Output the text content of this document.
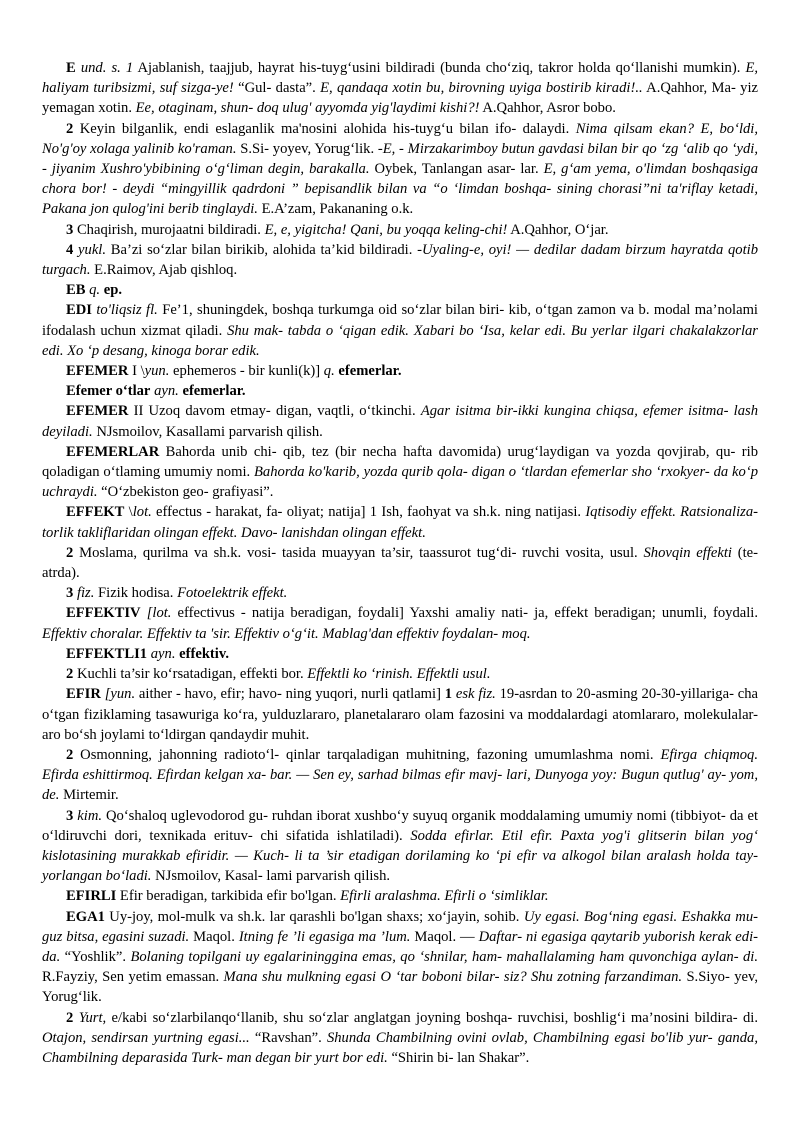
E und. s. 1 Ajablanish, taajjub, hayrat his-tuyg‘usini bildiradi (bunda cho‘ziq, takror holda qo‘llanishi mumkin). E, haliyam turibsizmi, suf sizga-ye! “Gul- dasta”. E, qandaqa xotin bu, birovning uyiga bostirib kiradi!.. A.Qahhor, Ma- yiz yemagan xotin. Ee, otaginam, shun- doq ulug' ayyomda yig'laydimi kishi?! A.Qahhor, Asror bobo.

2 Keyin bilganlik, endi eslaganlik ma'nosini alohida his-tuyg‘u bilan ifo- dalaydi. Nima qilsam ekan? E, bo‘ldi, No'g'oy xolaga yalinib ko'raman. S.Si- yoyev, Yorug‘lik. -E, - Mirzakarimboy butun gavdasi bilan bir qo ‘zg ‘alib qo ‘ydi, - jiyanim Xushro'ybibining o‘g‘liman degin, barakalla. Oybek, Tanlangan asar- lar. E, g‘am yema, o'limdan boshqasiga chora bor! - deydi “mingyillik qadrdoni ” bepisandlik bilan va “o ‘limdan boshqa- sining chorasi”ni ta'riflay ketadi, Pakana jon qulog'ini berib tinglaydi. E.A’zam, Pakananing o.k.

3 Chaqirish, murojaatni bildiradi. E, e, yigitcha! Qani, bu yoqqa keling-chi! A.Qahhor, O‘jar.

4 yukl. Ba’zi so‘zlar bilan birikib, alohida ta’kid bildiradi. -Uyaling-e, oyi! — dedilar dadam birzum hayratda qotib turgach. E.Raimov, Ajab qishloq.

EB q. ep.

EDI to'liqsiz fl. Fe’1, shuningdek, boshqa turkumga oid so‘zlar bilan biri- kib, o‘tgan zamon va b. modal ma’nolami ifodalash uchun xizmat qiladi. Shu mak- tabda o ‘qigan edik. Xabari bo ‘Isa, kelar edi. Bu yerlar ilgari chakalakzorlar edi. Xo ‘p desang, kinoga borar edik.

EFEMER I \yun. ephemeros - bir kunli(k)] q. efemerlar.

Efemer o‘tlar ayn. efemerlar.

EFEMER II Uzoq davom etmay- digan, vaqtli, o‘tkinchi. Agar isitma bir-ikki kungina chiqsa, efemer isitma- lash deyiladi. NJsmoilov, Kasallami parvarish qilish.

EFEMERLAR Bahorda unib chi- qib, tez (bir necha hafta davomida) urug‘laydigan va yozda qovjirab, qu- rib qoladigan o‘tlaming umumiy nomi. Bahorda ko'karib, yozda qurib qola- digan o ‘tlardan efemerlar sho ‘rxokyer- da ko‘p uchraydi. “O‘zbekiston geo- grafiyasi”.

EFFEKT \lot. effectus - harakat, fa- oliyat; natija] 1 Ish, faohyat va sh.k. ning natijasi. Iqtisodiy effekt. Ratsionaliza- torlik takliflaridan olingan effekt. Davo- lanishdan olingan effekt.

2 Moslama, qurilma va sh.k. vosi- tasida muayyan ta’sir, taassurot tug‘di- ruvchi vosita, usul. Shovqin effekti (te- atrda).

3 fiz. Fizik hodisa. Fotoelektrik effekt.

EFFEKTIV [lot. effectivus - natija beradigan, foydali] Yaxshi amaliy nati- ja, effekt beradigan; unumli, foydali. Effektiv choralar. Effektiv ta 'sir. Effektiv o‘g‘it. Mablag'dan effektiv foydalan- moq.

EFFEKTLI1 ayn. effektiv.

2 Kuchli ta’sir ko‘rsatadigan, effekti bor. Effektli ko ‘rinish. Effektli usul.

EFIR [yun. aither - havo, efir; havo- ning yuqori, nurli qatlami] 1 esk fiz. 19-asrdan to 20-asming 20-30-yillariga- cha o‘tgan fiziklaming tasawuriga ko‘ra, yulduzlararo, planetalararo olam fazosini va moddalardagi atomlararo, molekulalar- aro bo‘sh joylami to‘ldirgan qandaydir muhit.

2 Osmonning, jahonning radioto‘l- qinlar tarqaladigan muhitning, fazoning umumlashma nomi. Efirga chiqmoq. Efirda eshittirmoq. Efirdan kelgan xa- bar. — Sen ey, sarhad bilmas efir mavj- lari, Dunyoga yoy: Bugun qutlug' ay- yom, de. Mirtemir.

3 kim. Qo‘shaloq uglevodorod gu- ruhdan iborat xushbo‘y suyuq organik moddalaming umumiy nomi (tibbiyot- da et o‘ldiruvchi dori, texnikada erituv- chi sifatida ishlatiladi). Sodda efirlar. Etil efir. Paxta yog'i glitserin bilan yog‘ kislotasining murakkab efiridir. — Kuch- li ta ’sir etadigan dorilaming ko ‘pi efir va alkogol bilan aralash holda tay- yorlangan bo‘ladi. NJsmoilov, Kasal- lami parvarish qilish.

EFIRLI Efir beradigan, tarkibida efir bo'lgan. Efirli aralashma. Efirli o ‘simliklar.

EGA1 Uy-joy, mol-mulk va sh.k. lar qarashli bo'lgan shaxs; xo‘jayin, sohib. Uy egasi. Bog‘ning egasi. Eshakka mu- guz bitsa, egasini suzadi. Maqol. Itning fe ’li egasiga ma ’lum. Maqol. — Daftar- ni egasiga qaytarib yuborish kerak edi- da. “Yoshlik”. Bolaning topilgani uy egalarininggina emas, qo ‘shnilar, ham- mahallalaming ham quvonchiga aylan- di. R.Fayziy, Sen yetim emassan. Mana shu mulkning egasi O ‘tar boboni bilar- siz? Shu zotning farzandiman. S.Siyo- yev, Yorug‘lik.

2 Yurt, e/kabi so‘zlarbilanqo‘llanib, shu so‘zlar anglatgan joyning boshqa- ruvchisi, boshlig‘i ma’nosini bildira- di. Otajon, sendirsan yurtning egasi... “Ravshan”. Shunda Chambilning ovini ovlab, Chambilning egasi bo'lib yur- ganda, Chambilning deparasida Turk- man degan bir yurt bor edi. “Shirin bi- lan Shakar”.
